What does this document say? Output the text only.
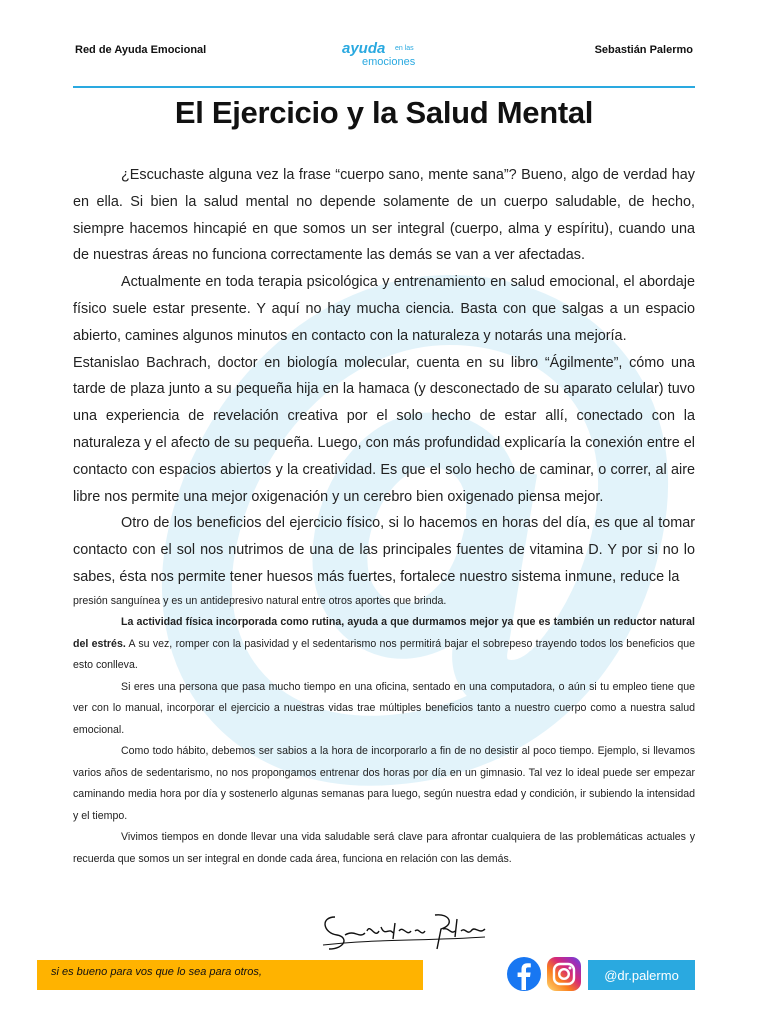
Red de Ayuda Emocional	ayuda en las
emociones
Sebastián Palermo
El Ejercicio y la Salud Mental

¿Escuchaste alguna vez la frase “cuerpo sano, mente sana”? Bueno, algo de verdad hay en ella. Si bien la salud mental no depende solamente de un cuerpo saludable, de hecho, siempre hacemos hincapié en que somos un ser integral (cuerpo, alma y espíritu), cuando una de nuestras áreas no funciona correctamente las demás se van a ver afectadas.

Actualmente en toda terapia psicológica y entrenamiento en salud emocional, el abordaje físico suele estar presente. Y aquí no hay mucha ciencia. Basta con que salgas a un espacio abierto, camines algunos minutos en contacto con la naturaleza y notarás una mejoría.

Estanislao Bachrach, doctor en biología molecular, cuenta en su libro “Ágilmente”, cómo una tarde de plaza junto a su pequeña hija en la hamaca (y desconectado de su aparato celular) tuvo una experiencia de revelación creativa por el solo hecho de estar allí, conectado con la naturaleza y el afecto de su pequeña. Luego, con más profundidad explicaría la conexión entre el contacto con espacios abiertos y la creatividad. Es que el solo hecho de caminar, o correr, al aire libre nos permite una mejor oxigenación y un cerebro bien oxigenado piensa mejor.

Otro de los beneficios del ejercicio físico, si lo hacemos en horas del día, es que al tomar contacto con el sol nos nutrimos de una de las principales fuentes de vitamina D. Y por si no lo sabes, ésta nos permite tener huesos más fuertes, fortalece nuestro sistema inmune, reduce la

presión sanguínea y es un antidepresivo natural entre otros aportes que brinda.

La actividad física incorporada como rutina, ayuda a que durmamos mejor ya que es también un reductor natural del estrés. A su vez, romper con la pasividad y el sedentarismo nos permitirá bajar el sobrepeso trayendo todos los beneficios que esto conlleva.

Si eres una persona que pasa mucho tiempo en una oficina, sentado en una computadora, o aún si tu empleo tiene que ver con lo manual, incorporar el ejercicio a nuestras vidas trae múltiples beneficios tanto a nuestro cuerpo como a nuestra salud emocional.

Como todo hábito, debemos ser sabios a la hora de incorporarlo a fin de no desistir al poco tiempo. Ejemplo, si llevamos varios años de sedentarismo, no nos propongamos entrenar dos horas por día en un gimnasio. Tal vez lo ideal puede ser empezar caminando media hora por día y sostenerlo algunas semanas para luego, según nuestra edad y condición, ir subiendo la intensidad y el tiempo.

Vivimos tiempos en donde llevar una vida saludable será clave para afrontar cualquiera de las problemáticas actuales y recuerda que somos un ser integral en donde cada área, funciona en relación con las demás.

si es bueno para vos que lo sea para otros,	@dr.palermo
